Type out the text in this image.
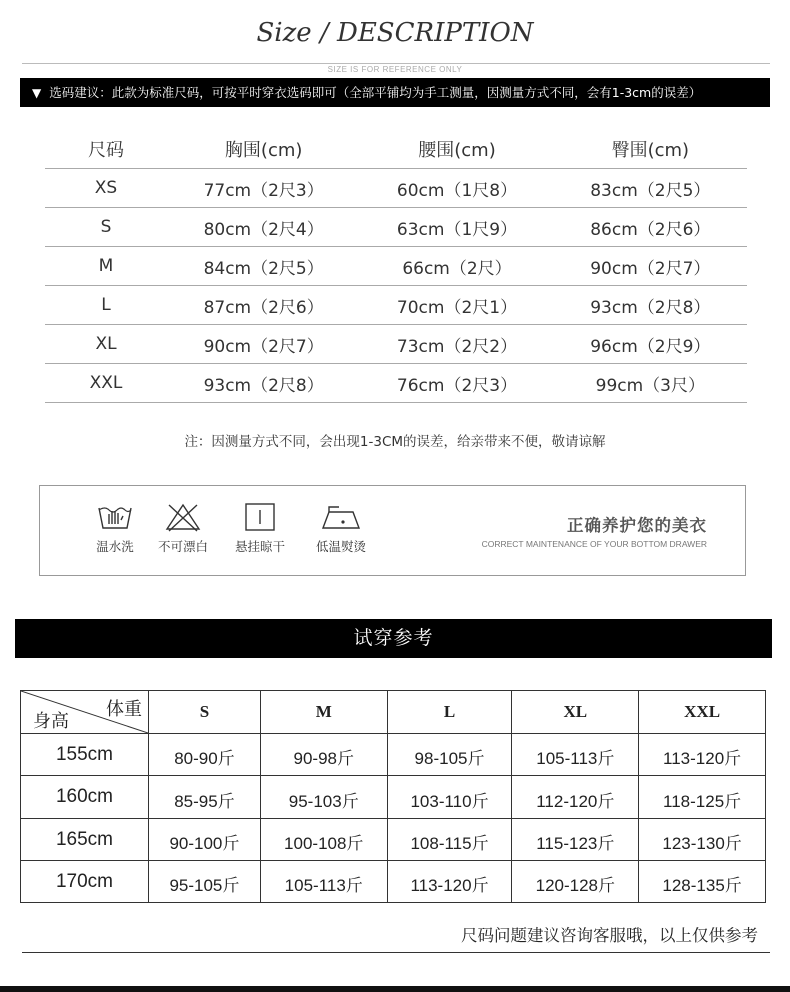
Size / DESCRIPTION
SIZE IS FOR REFERENCE ONLY
▼ 选码建议：此款为标准尺码，可按平时穿衣选码即可（全部平铺均为手工测量，因测量方式不同，会有1-3cm的误差）
尺码	胸围(cm)	腰围(cm)	臀围(cm)
XS	77cm（2尺3）	60cm（1尺8）	83cm（2尺5）
S	80cm（2尺4）	63cm（1尺9）	86cm（2尺6）
M	84cm（2尺5）	66cm（2尺）	90cm（2尺7）
L	87cm（2尺6）	70cm（2尺1）	93cm（2尺8）
XL	90cm（2尺7）	73cm（2尺2）	96cm（2尺9）
XXL	93cm（2尺8）	76cm（2尺3）	99cm（3尺）
注：因测量方式不同，会出现1-3CM的误差，给亲带来不便，敬请谅解
温水洗	不可漂白	悬挂晾干	低温熨烫
正确养护您的美衣
CORRECT MAINTENANCE OF YOUR BOTTOM DRAWER
试穿参考
体重
身高	S	M	L	XL	XXL
155cm	80-90斤	90-98斤	98-105斤	105-113斤	113-120斤
160cm	85-95斤	95-103斤	103-110斤	112-120斤	118-125斤
165cm	90-100斤	100-108斤	108-115斤	115-123斤	123-130斤
170cm	95-105斤	105-113斤	113-120斤	120-128斤	128-135斤
尺码问题建议咨询客服哦，以上仅供参考
